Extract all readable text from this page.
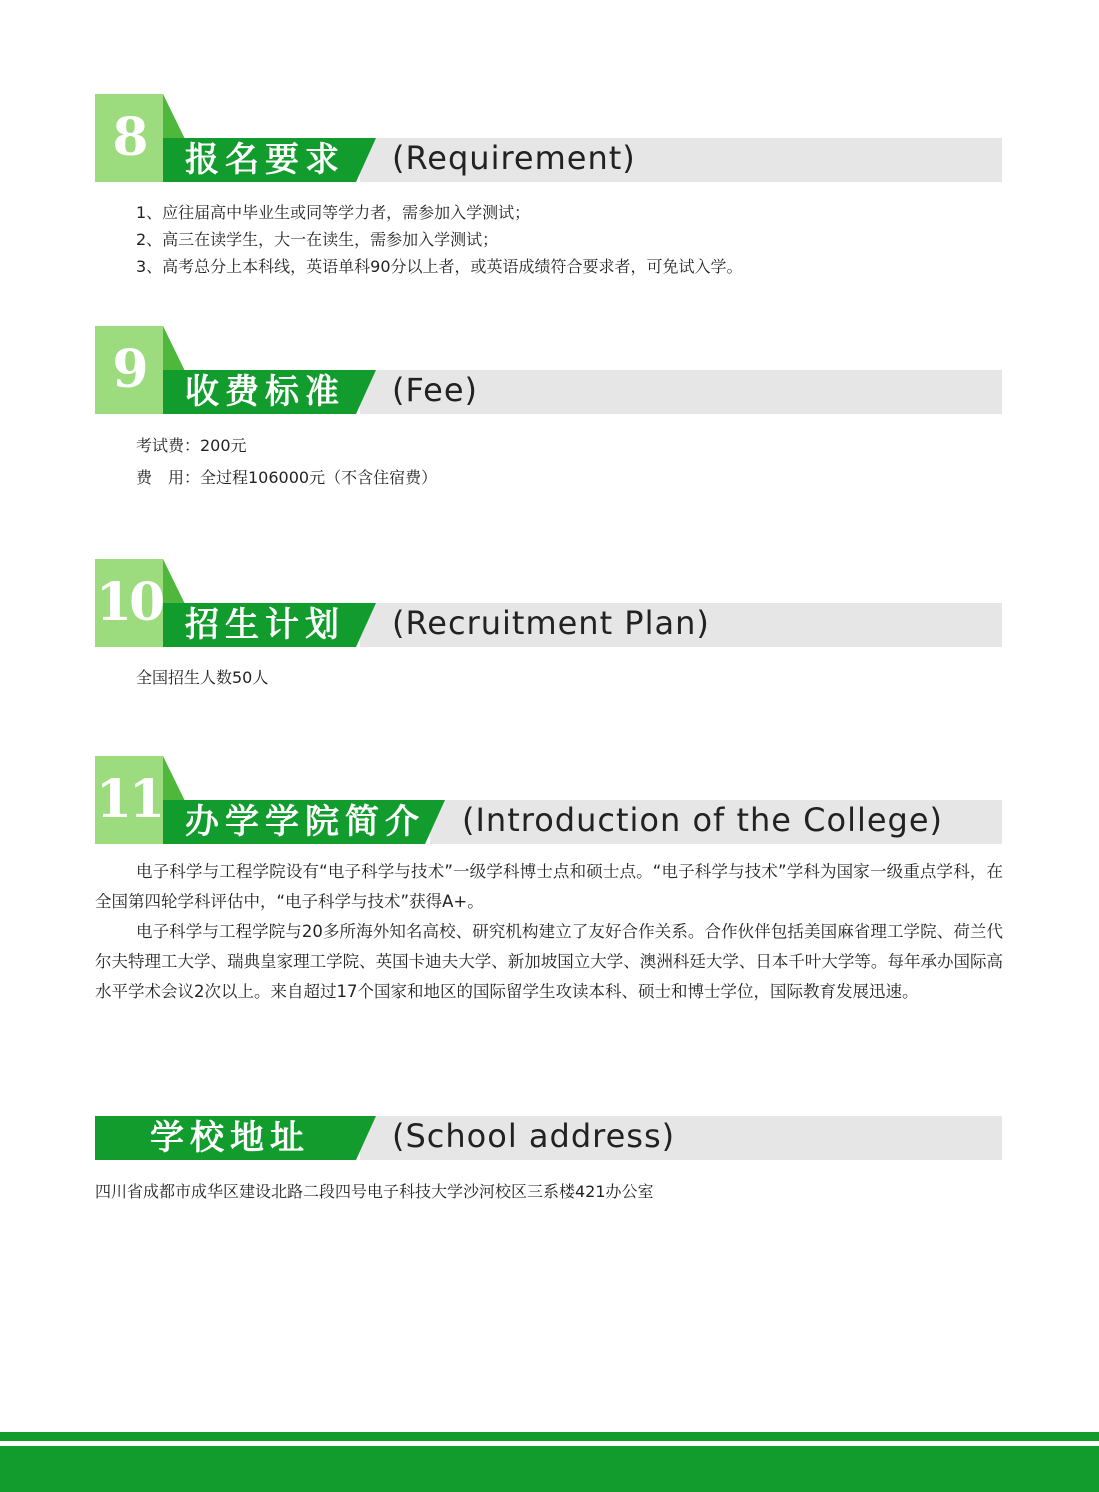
8	报名要求 (Requirement)
1、应往届高中毕业生或同等学力者，需参加入学测试；
2、高三在读学生，大一在读生，需参加入学测试；
3、高考总分上本科线，英语单科90分以上者，或英语成绩符合要求者，可免试入学。
9	收费标准 (Fee)
考试费：200元
费　用：全过程106000元（不含住宿费）
10 招生计划 (Recruitment Plan)
全国招生人数50人
11 办学学院简介 (Introduction of the College)

电子科学与工程学院设有“电子科学与技术”一级学科博士点和硕士点。“电子科学与技术”学科为国家一级重点学科，在全国第四轮学科评估中，“电子科学与技术”获得A+。

电子科学与工程学院与20多所海外知名高校、研究机构建立了友好合作关系。合作伙伴包括美国麻省理工学院、荷兰代尔夫特理工大学、瑞典皇家理工学院、英国卡迪夫大学、新加坡国立大学、澳洲科廷大学、日本千叶大学等。每年承办国际高水平学术会议2次以上。来自超过17个国家和地区的国际留学生攻读本科、硕士和博士学位，国际教育发展迅速。

学校地址	(School address)
四川省成都市成华区建设北路二段四号电子科技大学沙河校区三系楼421办公室
